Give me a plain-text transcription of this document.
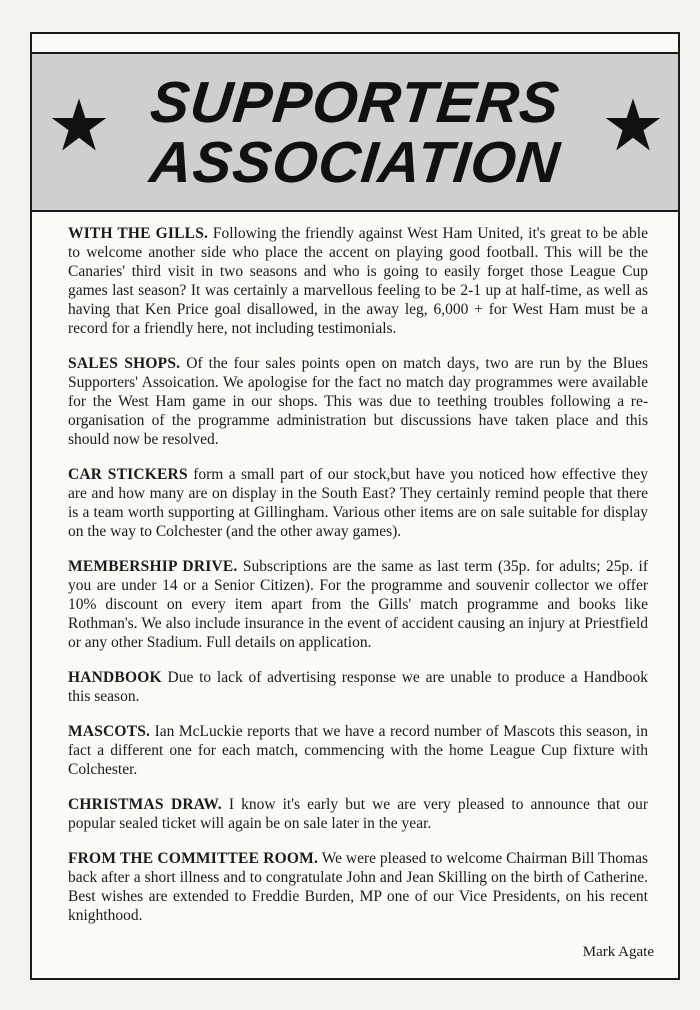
SUPPORTERS
ASSOCIATION

WITH THE GILLS. Following the friendly against West Ham United, it's great to be able to welcome another side who place the accent on playing good football. This will be the Canaries' third visit in two seasons and who is going to easily forget those League Cup games last season? It was certainly a marvellous feeling to be 2-1 up at half-time, as well as having that Ken Price goal disallowed, in the away leg, 6,000 + for West Ham must be a record for a friendly here, not including testimonials.

SALES SHOPS. Of the four sales points open on match days, two are run by the Blues Supporters' Assoication. We apologise for the fact no match day programmes were available for the West Ham game in our shops. This was due to teething troubles following a re-organisation of the programme administration but discussions have taken place and this should now be resolved.

CAR STICKERS form a small part of our stock,but have you noticed how effective they are and how many are on display in the South East? They certainly remind people that there is a team worth supporting at Gillingham. Various other items are on sale suitable for display on the way to Colchester (and the other away games).

MEMBERSHIP DRIVE. Subscriptions are the same as last term (35p. for adults; 25p. if you are under 14 or a Senior Citizen). For the programme and souvenir collector we offer 10% discount on every item apart from the Gills' match programme and books like Rothman's. We also include insurance in the event of accident causing an injury at Priestfield or any other Stadium. Full details on application.

HANDBOOK Due to lack of advertising response we are unable to produce a Handbook this season.

MASCOTS. Ian McLuckie reports that we have a record number of Mascots this season, in fact a different one for each match, commencing with the home League Cup fixture with Colchester.

CHRISTMAS DRAW. I know it's early but we are very pleased to announce that our popular sealed ticket will again be on sale later in the year.

FROM THE COMMITTEE ROOM. We were pleased to welcome Chairman Bill Thomas back after a short illness and to congratulate John and Jean Skilling on the birth of Catherine. Best wishes are extended to Freddie Burden, MP one of our Vice Presidents, on his recent knighthood.

Mark Agate
